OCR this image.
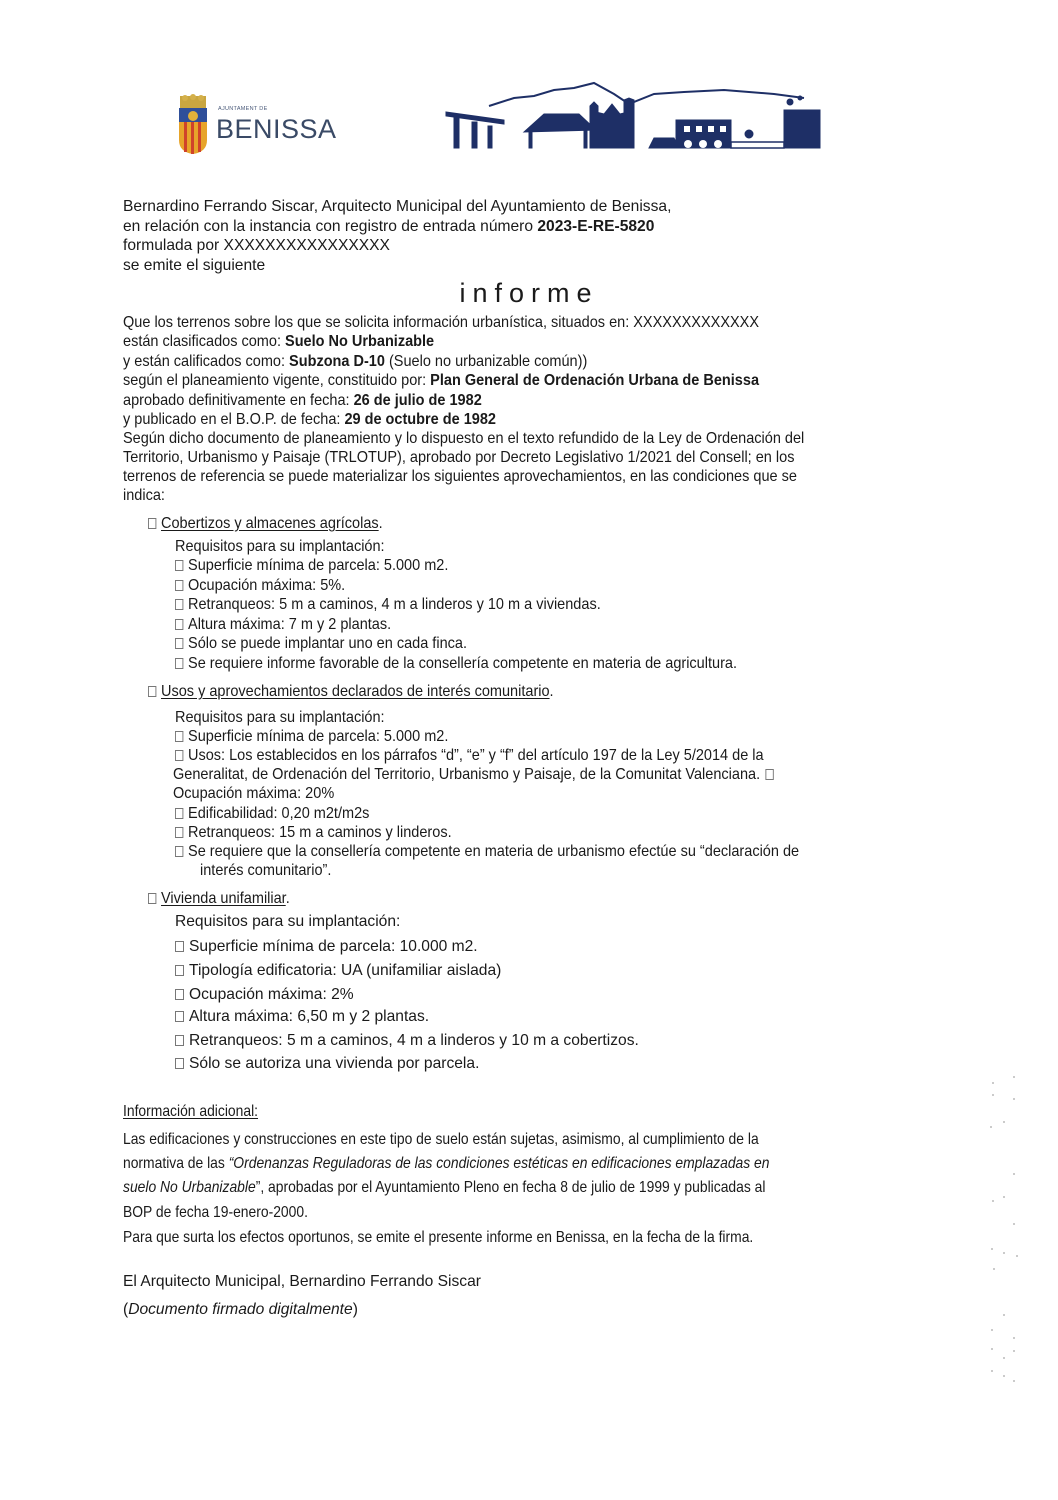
AJUNTAMENT DE
BENISSA
Bernardino Ferrando Siscar, Arquitecto Municipal del Ayuntamiento de Benissa,
en relación con la instancia con registro de entrada número 2023-E-RE-5820
formulada por XXXXXXXXXXXXXXXX
se emite el siguiente
informe
Que los terrenos sobre los que se solicita información urbanística, situados en: XXXXXXXXXXXXX
están clasificados como: Suelo No Urbanizable
y están calificados como: Subzona D-10 (Suelo no urbanizable común))
según el planeamiento vigente, constituido por: Plan General de Ordenación Urbana de Benissa
aprobado definitivamente en fecha: 26 de julio de 1982
y publicado en el B.O.P. de fecha: 29 de octubre de 1982
Según dicho documento de planeamiento y lo dispuesto en el texto refundido de la Ley de Ordenación del
Territorio, Urbanismo y Paisaje (TRLOTUP), aprobado por Decreto Legislativo 1/2021 del Consell; en los
terrenos de referencia se puede materializar los siguientes aprovechamientos, en las condiciones que se
indica:
Cobertizos y almacenes agrícolas.
Requisitos para su implantación:
Superficie mínima de parcela: 5.000 m2.
Ocupación máxima: 5%.
Retranqueos: 5 m a caminos, 4 m a linderos y 10 m a viviendas.
Altura máxima: 7 m y 2 plantas.
Sólo se puede implantar uno en cada finca.
Se requiere informe favorable de la consellería competente en materia de agricultura.
Usos y aprovechamientos declarados de interés comunitario.
Requisitos para su implantación:
Superficie mínima de parcela: 5.000 m2.
Usos: Los establecidos en los párrafos “d”, “e” y “f” del artículo 197 de la Ley 5/2014 de la
Generalitat, de Ordenación del Territorio, Urbanismo y Paisaje, de la Comunitat Valenciana.
Ocupación máxima: 20%
Edificabilidad: 0,20 m2t/m2s
Retranqueos: 15 m a caminos y linderos.
Se requiere que la consellería competente en materia de urbanismo efectúe su “declaración de
interés comunitario”.
Vivienda unifamiliar.
Requisitos para su implantación:
Superficie mínima de parcela: 10.000 m2.
Tipología edificatoria: UA (unifamiliar aislada)
Ocupación máxima: 2%
Altura máxima: 6,50 m y 2 plantas.
Retranqueos: 5 m a caminos, 4 m a linderos y 10 m a cobertizos.
Sólo se autoriza una vivienda por parcela.
Información adicional:
Las edificaciones y construcciones en este tipo de suelo están sujetas, asimismo, al cumplimiento de la
normativa de las “Ordenanzas Reguladoras de las condiciones estéticas en edificaciones emplazadas en
suelo No Urbanizable”, aprobadas por el Ayuntamiento Pleno en fecha 8 de julio de 1999 y publicadas al
BOP de fecha 19-enero-2000.
Para que surta los efectos oportunos, se emite el presente informe en Benissa, en la fecha de la firma.
El Arquitecto Municipal, Bernardino Ferrando Siscar
(Documento firmado digitalmente)
